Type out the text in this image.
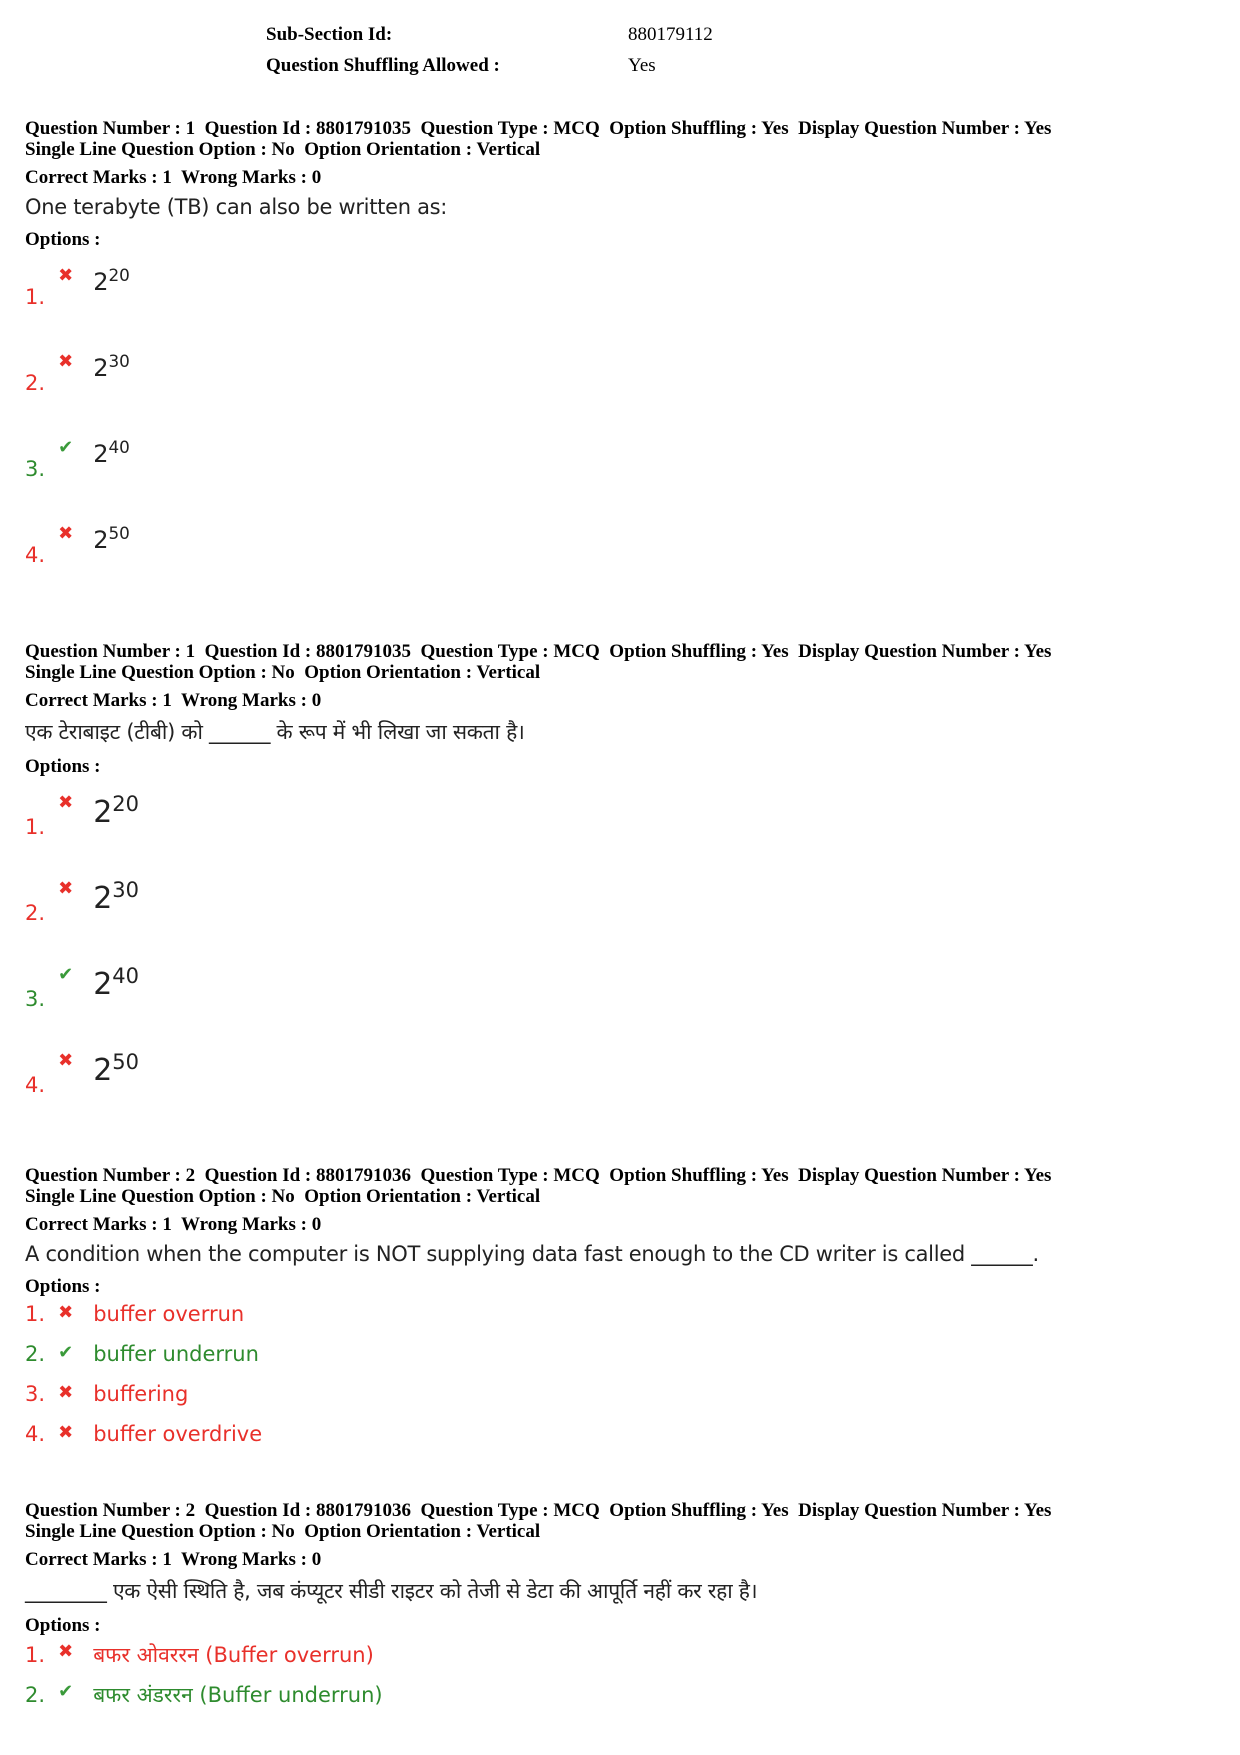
Sub-Section Id:	880179112
Question Shuffling Allowed :	Yes
Question Number : 1  Question Id : 8801791035  Question Type : MCQ  Option Shuffling : Yes  Display Question Number : Yes
Single Line Question Option : No  Option Orientation : Vertical
Correct Marks : 1  Wrong Marks : 0
One terabyte (TB) can also be written as:
Options :
1. ✖ $2^{20}$
2. ✖ $2^{30}$
3. ✔ $2^{40}$
4. ✖ $2^{50}$
Question Number : 1  Question Id : 8801791035  Question Type : MCQ  Option Shuffling : Yes  Display Question Number : Yes
Single Line Question Option : No  Option Orientation : Vertical
Correct Marks : 1  Wrong Marks : 0
एक टेराबाइट (टीबी) को ______ के रूप में भी लिखा जा सकता है।
Options :
1. ✖ $2^{20}$
2. ✖ $2^{30}$
3. ✔ $2^{40}$
4. ✖ $2^{50}$
Question Number : 2  Question Id : 8801791036  Question Type : MCQ  Option Shuffling : Yes  Display Question Number : Yes
Single Line Question Option : No  Option Orientation : Vertical
Correct Marks : 1  Wrong Marks : 0
A condition when the computer is NOT supplying data fast enough to the CD writer is called ______.
Options :
1. ✖ buffer overrun
2. ✔ buffer underrun
3. ✖ buffering
4. ✖ buffer overdrive
Question Number : 2  Question Id : 8801791036  Question Type : MCQ  Option Shuffling : Yes  Display Question Number : Yes
Single Line Question Option : No  Option Orientation : Vertical
Correct Marks : 1  Wrong Marks : 0
________ एक ऐसी स्थिति है, जब कंप्यूटर सीडी राइटर को तेजी से डेटा की आपूर्ति नहीं कर रहा है।
Options :
1. ✖ बफर ओवररन (Buffer overrun)
2. ✔ बफर अंडररन (Buffer underrun)
